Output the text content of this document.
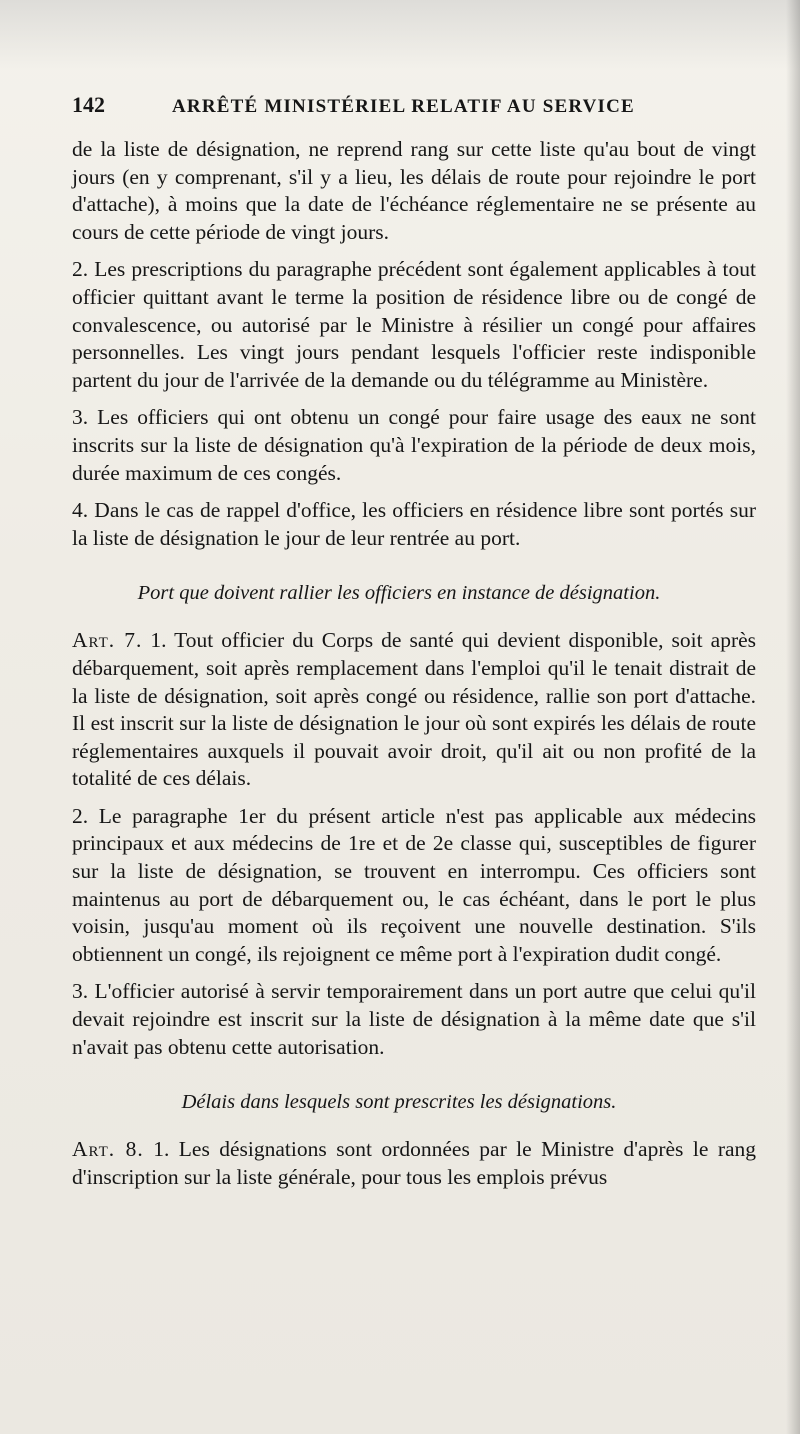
142	ARRÊTÉ MINISTÉRIEL RELATIF AU SERVICE

de la liste de désignation, ne reprend rang sur cette liste qu'au bout de vingt jours (en y comprenant, s'il y a lieu, les délais de route pour rejoindre le port d'attache), à moins que la date de l'échéance réglementaire ne se présente au cours de cette période de vingt jours.

2. Les prescriptions du paragraphe précédent sont également applicables à tout officier quittant avant le terme la position de résidence libre ou de congé de convalescence, ou autorisé par le Ministre à résilier un congé pour affaires personnelles. Les vingt jours pendant lesquels l'officier reste indisponible partent du jour de l'arrivée de la demande ou du télégramme au Ministère.

3. Les officiers qui ont obtenu un congé pour faire usage des eaux ne sont inscrits sur la liste de désignation qu'à l'expiration de la période de deux mois, durée maximum de ces congés.

4. Dans le cas de rappel d'office, les officiers en résidence libre sont portés sur la liste de désignation le jour de leur rentrée au port.

Port que doivent rallier les officiers en instance de désignation.

Art. 7. 1. Tout officier du Corps de santé qui devient disponible, soit après débarquement, soit après remplacement dans l'emploi qu'il le tenait distrait de la liste de désignation, soit après congé ou résidence, rallie son port d'attache. Il est inscrit sur la liste de désignation le jour où sont expirés les délais de route réglementaires auxquels il pouvait avoir droit, qu'il ait ou non profité de la totalité de ces délais.

2. Le paragraphe 1er du présent article n'est pas applicable aux médecins principaux et aux médecins de 1re et de 2e classe qui, susceptibles de figurer sur la liste de désignation, se trouvent en interrompu. Ces officiers sont maintenus au port de débarquement ou, le cas échéant, dans le port le plus voisin, jusqu'au moment où ils reçoivent une nouvelle destination. S'ils obtiennent un congé, ils rejoignent ce même port à l'expiration dudit congé.

3. L'officier autorisé à servir temporairement dans un port autre que celui qu'il devait rejoindre est inscrit sur la liste de désignation à la même date que s'il n'avait pas obtenu cette autorisation.

Délais dans lesquels sont prescrites les désignations.

Art. 8. 1. Les désignations sont ordonnées par le Ministre d'après le rang d'inscription sur la liste générale, pour tous les emplois prévus
